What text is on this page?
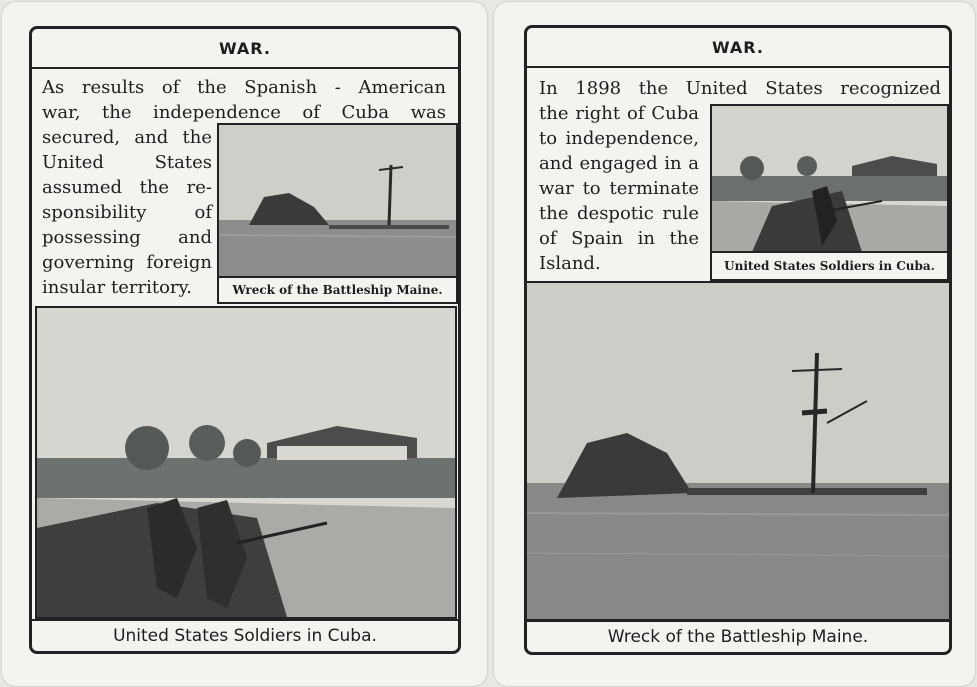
WAR.
As results of the Spanish - American
war, the independence of Cuba was
secured, and the
United States
assumed the re-
sponsibility of
possessing and
governing foreign
insular territory.	Wreck of the Battleship Maine.
United States Soldiers in Cuba.
WAR.
In 1898 the United States recognized
the right of Cuba
to independence,
and engaged in a
war to terminate
the despotic rule
of Spain in the
Island.	United States Soldiers in Cuba.
Wreck of the Battleship Maine.
